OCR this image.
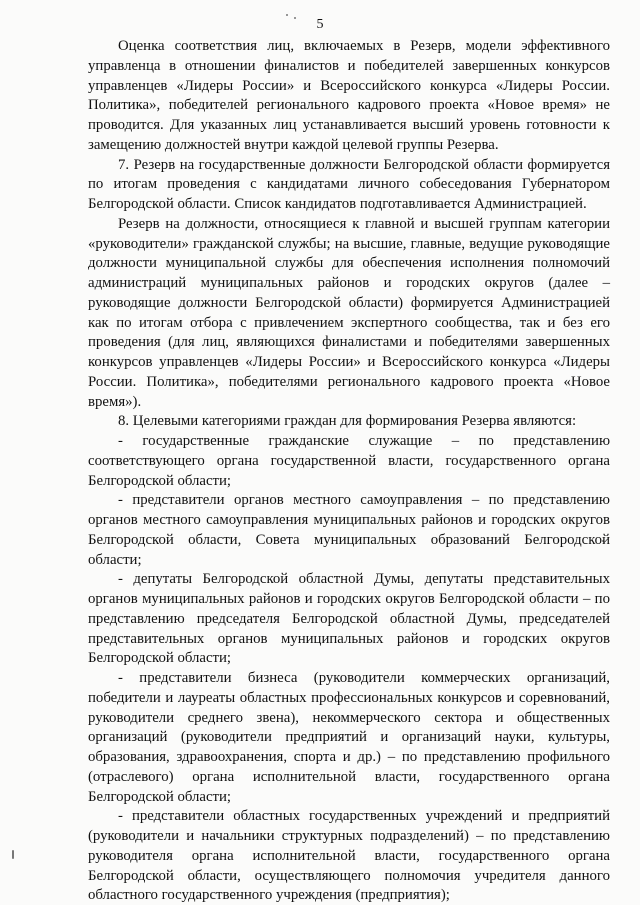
5

Оценка соответствия лиц, включаемых в Резерв, модели эффективного управленца в отношении финалистов и победителей завершенных конкурсов управленцев «Лидеры России» и Всероссийского конкурса «Лидеры России. Политика», победителей регионального кадрового проекта «Новое время» не проводится. Для указанных лиц устанавливается высший уровень готовности к замещению должностей внутри каждой целевой группы Резерва.

7. Резерв на государственные должности Белгородской области формируется по итогам проведения с кандидатами личного собеседования Губернатором Белгородской области. Список кандидатов подготавливается Администрацией.

Резерв на должности, относящиеся к главной и высшей группам категории «руководители» гражданской службы; на высшие, главные, ведущие руководящие должности муниципальной службы для обеспечения исполнения полномочий администраций муниципальных районов и городских округов (далее – руководящие должности Белгородской области) формируется Администрацией как по итогам отбора с привлечением экспертного сообщества, так и без его проведения (для лиц, являющихся финалистами и победителями завершенных конкурсов управленцев «Лидеры России» и Всероссийского конкурса «Лидеры России. Политика», победителями регионального кадрового проекта «Новое время»).

8. Целевыми категориями граждан для формирования Резерва являются:

- государственные гражданские служащие – по представлению соответствующего органа государственной власти, государственного органа Белгородской области;

- представители органов местного самоуправления – по представлению органов местного самоуправления муниципальных районов и городских округов Белгородской области, Совета муниципальных образований Белгородской области;

- депутаты Белгородской областной Думы, депутаты представительных органов муниципальных районов и городских округов Белгородской области – по представлению председателя Белгородской областной Думы, председателей представительных органов муниципальных районов и городских округов Белгородской области;

- представители бизнеса (руководители коммерческих организаций, победители и лауреаты областных профессиональных конкурсов и соревнований, руководители среднего звена), некоммерческого сектора и общественных организаций (руководители предприятий и организаций науки, культуры, образования, здравоохранения, спорта и др.) – по представлению профильного (отраслевого) органа исполнительной власти, государственного органа Белгородской области;

- представители областных государственных учреждений и предприятий (руководители и начальники структурных подразделений) – по представлению руководителя органа исполнительной власти, государственного органа Белгородской области, осуществляющего полномочия учредителя данного областного государственного учреждения (предприятия);
